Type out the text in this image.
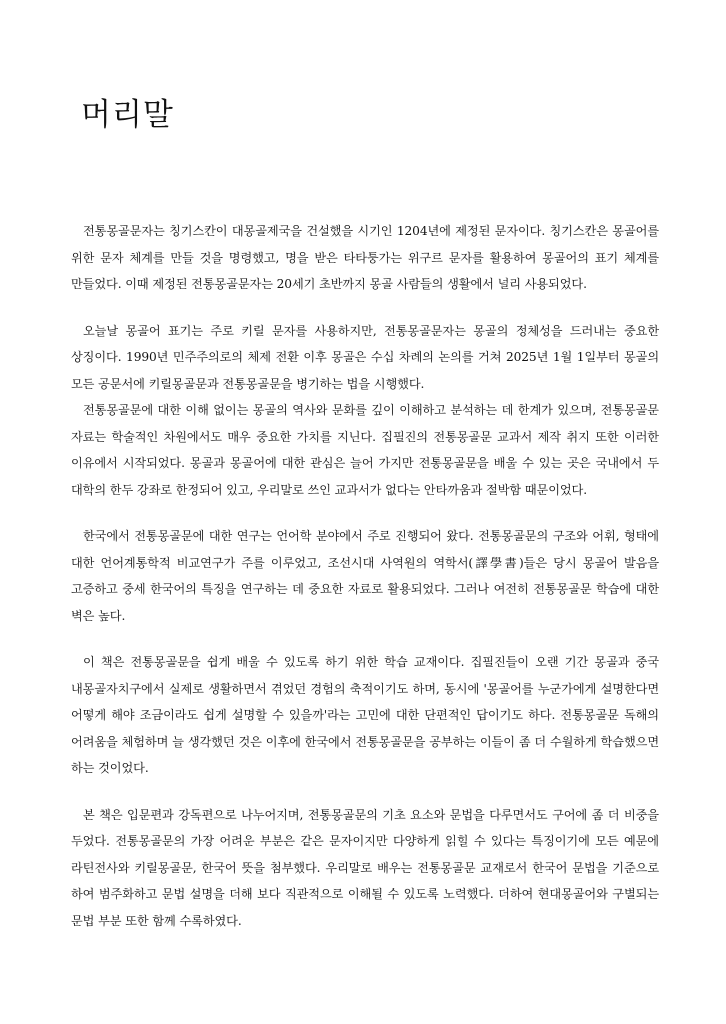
머리말

전통몽골문자는 칭기스칸이 대몽골제국을 건설했을 시기인 1204년에 제정된 문자이다. 칭기스칸은 몽골어를 위한 문자 체계를 만들 것을 명령했고, 명을 받은 타타퉁가는 위구르 문자를 활용하여 몽골어의 표기 체계를 만들었다. 이때 제정된 전통몽골문자는 20세기 초반까지 몽골 사람들의 생활에서 널리 사용되었다.

오늘날 몽골어 표기는 주로 키릴 문자를 사용하지만, 전통몽골문자는 몽골의 정체성을 드러내는 중요한 상징이다. 1990년 민주주의로의 체제 전환 이후 몽골은 수십 차례의 논의를 거쳐 2025년 1월 1일부터 몽골의 모든 공문서에 키릴몽골문과 전통몽골문을 병기하는 법을 시행했다.

전통몽골문에 대한 이해 없이는 몽골의 역사와 문화를 깊이 이해하고 분석하는 데 한계가 있으며, 전통몽골문 자료는 학술적인 차원에서도 매우 중요한 가치를 지닌다. 집필진의 전통몽골문 교과서 제작 취지 또한 이러한 이유에서 시작되었다. 몽골과 몽골어에 대한 관심은 늘어 가지만 전통몽골문을 배울 수 있는 곳은 국내에서 두 대학의 한두 강좌로 한정되어 있고, 우리말로 쓰인 교과서가 없다는 안타까움과 절박함 때문이었다.

한국에서 전통몽골문에 대한 연구는 언어학 분야에서 주로 진행되어 왔다. 전통몽골문의 구조와 어휘, 형태에 대한 언어계통학적 비교연구가 주를 이루었고, 조선시대 사역원의 역학서(譯學書)들은 당시 몽골어 발음을 고증하고 중세 한국어의 특징을 연구하는 데 중요한 자료로 활용되었다. 그러나 여전히 전통몽골문 학습에 대한 벽은 높다.

이 책은 전통몽골문을 쉽게 배울 수 있도록 하기 위한 학습 교재이다. 집필진들이 오랜 기간 몽골과 중국 내몽골자치구에서 실제로 생활하면서 겪었던 경험의 축적이기도 하며, 동시에 '몽골어를 누군가에게 설명한다면 어떻게 해야 조금이라도 쉽게 설명할 수 있을까'라는 고민에 대한 단편적인 답이기도 하다. 전통몽골문 독해의 어려움을 체험하며 늘 생각했던 것은 이후에 한국에서 전통몽골문을 공부하는 이들이 좀 더 수월하게 학습했으면 하는 것이었다.

본 책은 입문편과 강독편으로 나누어지며, 전통몽골문의 기초 요소와 문법을 다루면서도 구어에 좀 더 비중을 두었다. 전통몽골문의 가장 어려운 부분은 같은 문자이지만 다양하게 읽힐 수 있다는 특징이기에 모든 예문에 라틴전사와 키릴몽골문, 한국어 뜻을 첨부했다. 우리말로 배우는 전통몽골문 교재로서 한국어 문법을 기준으로 하여 범주화하고 문법 설명을 더해 보다 직관적으로 이해될 수 있도록 노력했다. 더하여 현대몽골어와 구별되는 문법 부분 또한 함께 수록하였다.
